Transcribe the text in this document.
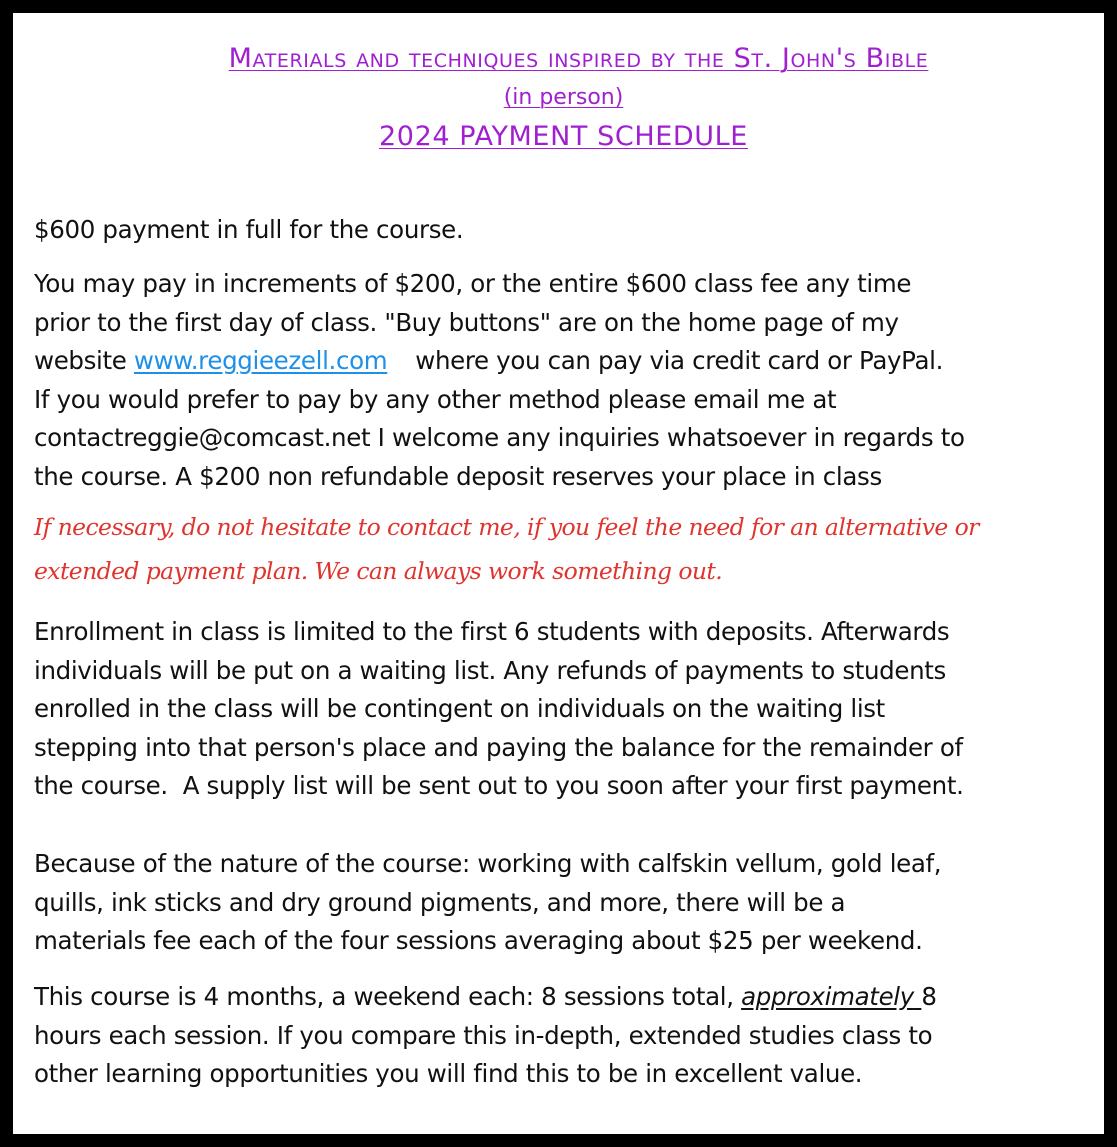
Materials and techniques inspired by the St. John's Bible
(in person)
2024 PAYMENT SCHEDULE
$600 payment in full for the course.
You may pay in increments of $200, or the entire $600 class fee any time
prior to the first day of class. "Buy buttons" are on the home page of my
website www.reggieezell.com where you can pay via credit card or PayPal.
If you would prefer to pay by any other method please email me at
contactreggie@comcast.net I welcome any inquiries whatsoever in regards to
the course. A $200 non refundable deposit reserves your place in class
If necessary, do not hesitate to contact me, if you feel the need for an alternative or
extended payment plan. We can always work something out.
Enrollment in class is limited to the first 6 students with deposits. Afterwards
individuals will be put on a waiting list. Any refunds of payments to students
enrolled in the class will be contingent on individuals on the waiting list
stepping into that person's place and paying the balance for the remainder of
the course.  A supply list will be sent out to you soon after your first payment.
Because of the nature of the course: working with calfskin vellum, gold leaf,
quills, ink sticks and dry ground pigments, and more, there will be a
materials fee each of the four sessions averaging about $25 per weekend.
This course is 4 months, a weekend each: 8 sessions total, approximately 8
hours each session. If you compare this in-depth, extended studies class to
other learning opportunities you will find this to be in excellent value.
